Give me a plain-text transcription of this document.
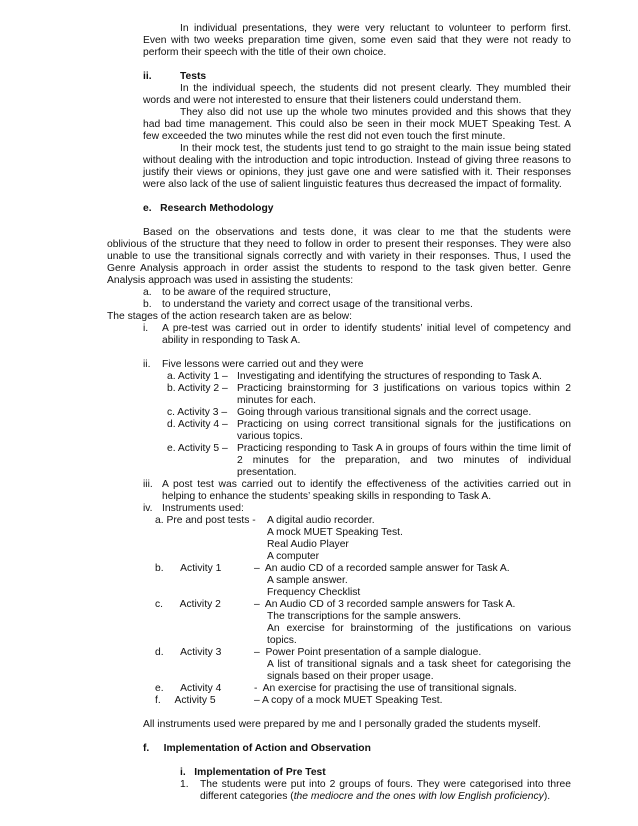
In individual presentations, they were very reluctant to volunteer to perform first.
Even with two weeks preparation time given, some even said that they were not ready to
perform their speech with the title of their own choice.
ii.	Tests
In the individual speech, the students did not present clearly. They mumbled their
words and were not interested to ensure that their listeners could understand them.
They also did not use up the whole two minutes provided and this shows that they
had bad time management. This could also be seen in their mock MUET Speaking Test. A
few exceeded the two minutes while the rest did not even touch the first minute.
In their mock test, the students just tend to go straight to the main issue being stated
without dealing with the introduction and topic introduction. Instead of giving three reasons to
justify their views or opinions, they just gave one and were satisfied with it. Their responses
were also lack of the use of salient linguistic features thus decreased the impact of formality.
e.   Research Methodology
Based on the observations and tests done, it was clear to me that the students were
oblivious of the structure that they need to follow in order to present their responses. They were also
unable to use the transitional signals correctly and with variety in their responses. Thus, I used the
Genre Analysis approach in order assist the students to respond to the task given better. Genre
Analysis approach was used in assisting the students:
a. to be aware of the required structure,
b. to understand the variety and correct usage of the transitional verbs.
The stages of the action research taken are as below:
i. A pre-test was carried out in order to identify students’ initial level of competency and
ability in responding to Task A.
ii. Five lessons were carried out and they were
a. Activity 1 – Investigating and identifying the structures of responding to Task A.
b. Activity 2 – Practicing brainstorming for 3 justifications on various topics within 2
minutes for each.
c. Activity 3 – Going through various transitional signals and the correct usage.
d. Activity 4 – Practicing on using correct transitional signals for the justifications on
various topics.
e. Activity 5 – Practicing responding to Task A in groups of fours within the time limit of
2 minutes for the preparation, and two minutes of individual
presentation.
iii. A post test was carried out to identify the effectiveness of the activities carried out in
helping to enhance the students’ speaking skills in responding to Task A.
iv. Instruments used:
a. Pre and post tests - A digital audio recorder.
A mock MUET Speaking Test.
Real Audio Player
A computer
b.      Activity 1	–  An audio CD of a recorded sample answer for Task A.
A sample answer.
Frequency Checklist
c.      Activity 2	–  An Audio CD of 3 recorded sample answers for Task A.
The transcriptions for the sample answers.
An exercise for brainstorming of the justifications on various
topics.
d.      Activity 3	–  Power Point presentation of a sample dialogue.
A list of transitional signals and a task sheet for categorising the
signals based on their proper usage.
e.      Activity 4	-  An exercise for practising the use of transitional signals.
f.     Activity 5	– A copy of a mock MUET Speaking Test.
All instruments used were prepared by me and I personally graded the students myself.
f.     Implementation of Action and Observation
i.   Implementation of Pre Test
1. The students were put into 2 groups of fours. They were categorised into three
different categories (the mediocre and the ones with low English proficiency).
